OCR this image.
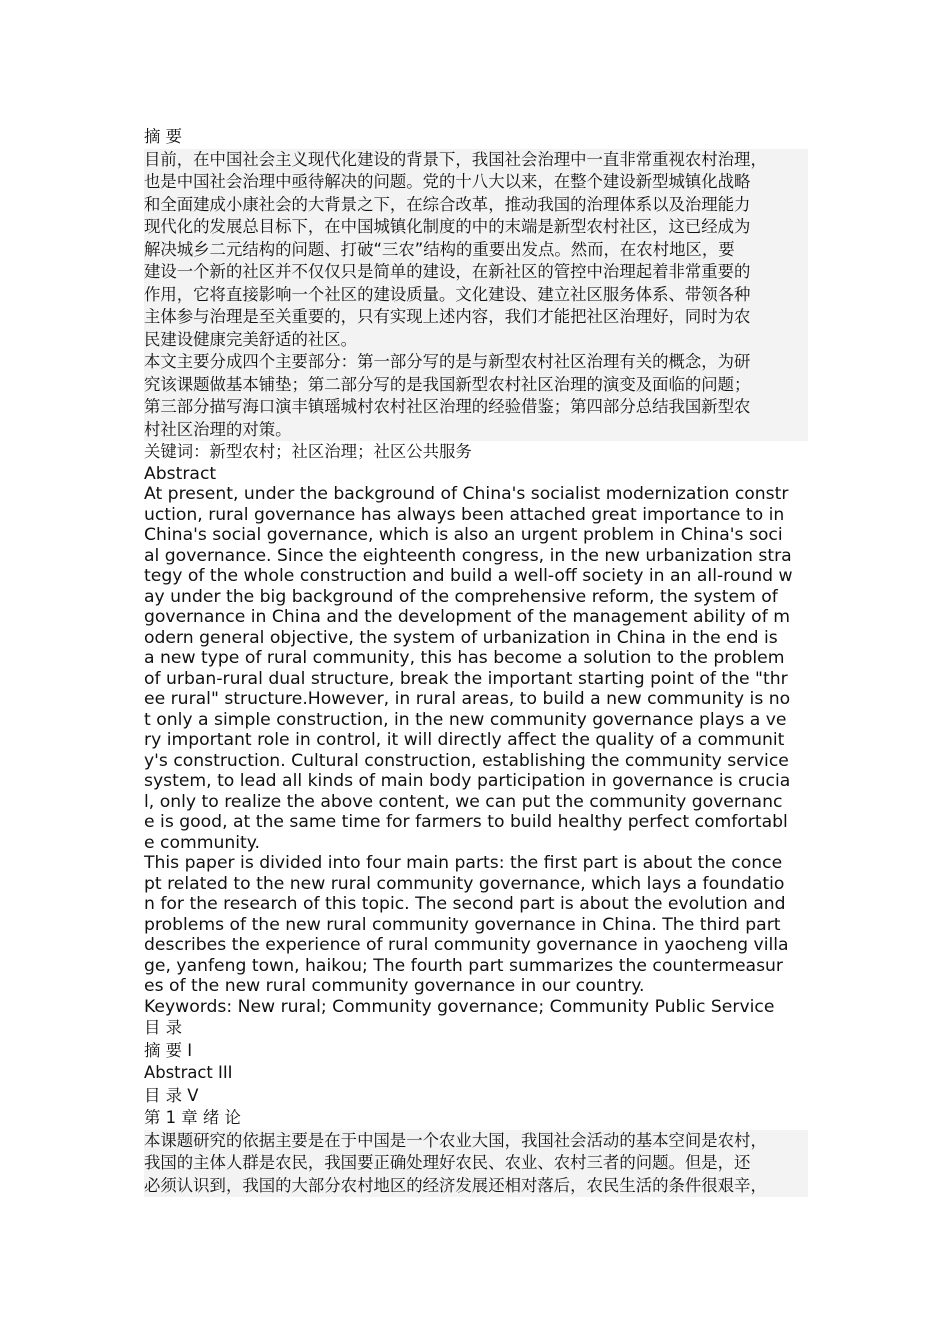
摘 要
目前，在中国社会主义现代化建设的背景下，我国社会治理中一直非常重视农村治理，
也是中国社会治理中亟待解决的问题。党的十八大以来，在整个建设新型城镇化战略
和全面建成小康社会的大背景之下，在综合改革，推动我国的治理体系以及治理能力
现代化的发展总目标下，在中国城镇化制度的中的末端是新型农村社区，这已经成为
解决城乡二元结构的问题、打破“三农”结构的重要出发点。然而，在农村地区，要
建设一个新的社区并不仅仅只是简单的建设，在新社区的管控中治理起着非常重要的
作用，它将直接影响一个社区的建设质量。文化建设、建立社区服务体系、带领各种
主体参与治理是至关重要的，只有实现上述内容，我们才能把社区治理好，同时为农
民建设健康完美舒适的社区。
本文主要分成四个主要部分：第一部分写的是与新型农村社区治理有关的概念，为研
究该课题做基本铺垫；第二部分写的是我国新型农村社区治理的演变及面临的问题；
第三部分描写海口演丰镇瑶城村农村社区治理的经验借鉴；第四部分总结我国新型农
村社区治理的对策。
关键词：新型农村；社区治理；社区公共服务
Abstract
At present, under the background of China's socialist modernization constr
uction, rural governance has always been attached great importance to in
China's social governance, which is also an urgent problem in China's soci
al governance. Since the eighteenth congress, in the new urbanization stra
tegy of the whole construction and build a well-off society in an all-round w
ay under the big background of the comprehensive reform, the system of
governance in China and the development of the management ability of m
odern general objective, the system of urbanization in China in the end is
a new type of rural community, this has become a solution to the problem
of urban-rural dual structure, break the important starting point of the "thr
ee rural" structure.However, in rural areas, to build a new community is no
t only a simple construction, in the new community governance plays a ve
ry important role in control, it will directly affect the quality of a communit
y's construction. Cultural construction, establishing the community service
system, to lead all kinds of main body participation in governance is crucia
l, only to realize the above content, we can put the community governanc
e is good, at the same time for farmers to build healthy perfect comfortabl
e community.
This paper is divided into four main parts: the first part is about the conce
pt related to the new rural community governance, which lays a foundatio
n for the research of this topic. The second part is about the evolution and
problems of the new rural community governance in China. The third part
describes the experience of rural community governance in yaocheng villa
ge, yanfeng town, haikou; The fourth part summarizes the countermeasur
es of the new rural community governance in our country.
Keywords: New rural; Community governance; Community Public Service
目 录
摘 要 I
Abstract III
目 录 V
第 1 章 绪 论
本课题研究的依据主要是在于中国是一个农业大国，我国社会活动的基本空间是农村，
我国的主体人群是农民，我国要正确处理好农民、农业、农村三者的问题。但是，还
必须认识到，我国的大部分农村地区的经济发展还相对落后，农民生活的条件很艰辛，
